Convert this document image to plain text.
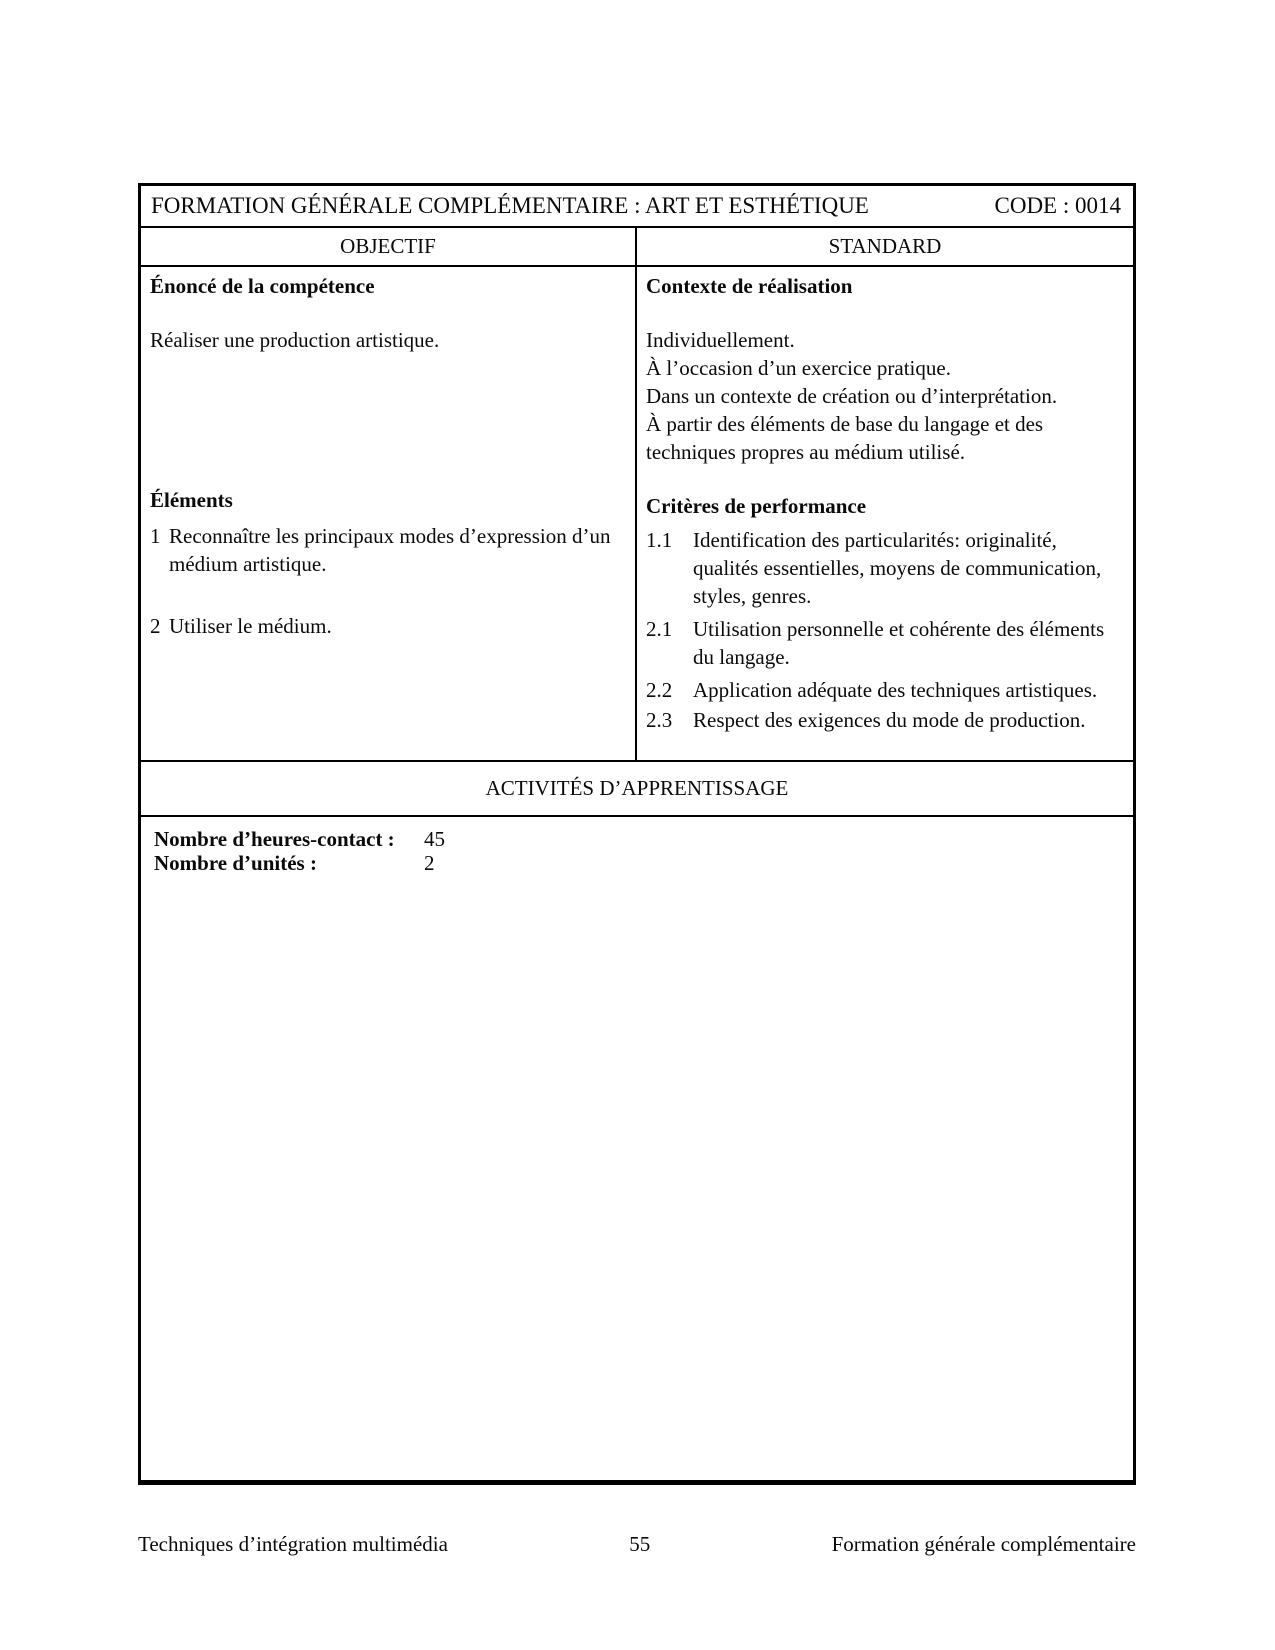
FORMATION GÉNÉRALE COMPLÉMENTAIRE : ART ET ESTHÉTIQUE	CODE : 0014
OBJECTIF	STANDARD
Énoncé de la compétence
Réaliser une production artistique.
Éléments
1 Reconnaître les principaux modes d’expression d’un médium artistique.
2 Utiliser le médium.
Contexte de réalisation
Individuellement.
À l’occasion d’un exercice pratique.
Dans un contexte de création ou d’interprétation.
À partir des éléments de base du langage et des techniques propres au médium utilisé.
Critères de performance
1.1 Identification des particularités: originalité, qualités essentielles, moyens de communication, styles, genres.
2.1 Utilisation personnelle et cohérente des éléments du langage.
2.2 Application adéquate des techniques artistiques.
2.3 Respect des exigences du mode de production.
ACTIVITÉS D’APPRENTISSAGE
Nombre d’heures-contact :	45
Nombre d’unités :	2
Techniques d’intégration multimédia	55	Formation générale complémentaire
